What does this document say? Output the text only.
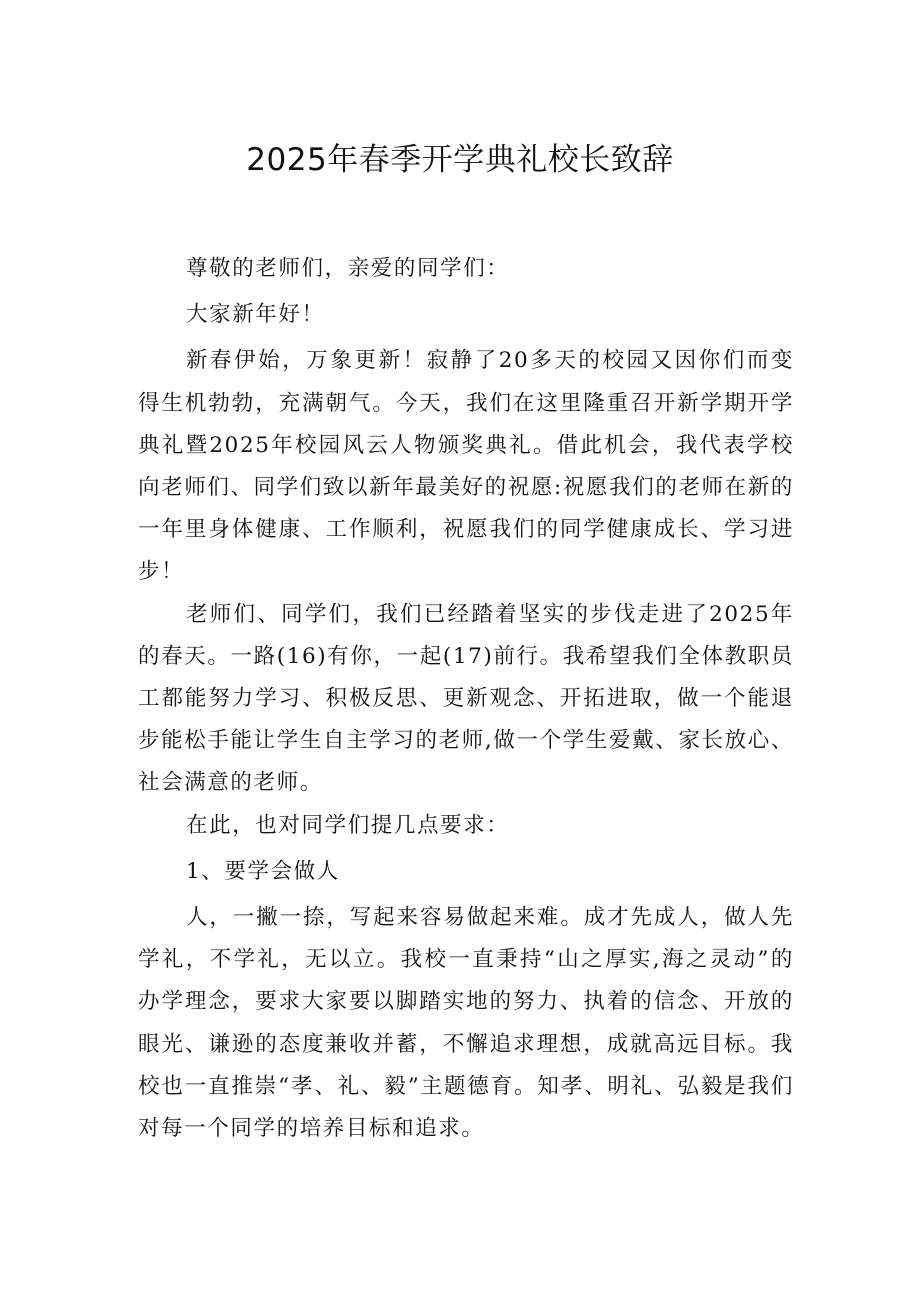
2025年春季开学典礼校长致辞

尊敬的老师们，亲爱的同学们：

大家新年好！

新春伊始，万象更新！寂静了20多天的校园又因你们而变得生机勃勃，充满朝气。今天，我们在这里隆重召开新学期开学典礼暨2025年校园风云人物颁奖典礼。借此机会，我代表学校向老师们、同学们致以新年最美好的祝愿:祝愿我们的老师在新的一年里身体健康、工作顺利，祝愿我们的同学健康成长、学习进步！

老师们、同学们，我们已经踏着坚实的步伐走进了2025年的春天。一路(16)有你，一起(17)前行。我希望我们全体教职员工都能努力学习、积极反思、更新观念、开拓进取，做一个能退步能松手能让学生自主学习的老师,做一个学生爱戴、家长放心、社会满意的老师。

在此，也对同学们提几点要求：

1、要学会做人

人，一撇一捺，写起来容易做起来难。成才先成人，做人先学礼，不学礼，无以立。我校一直秉持“山之厚实,海之灵动”的办学理念，要求大家要以脚踏实地的努力、执着的信念、开放的眼光、谦逊的态度兼收并蓄，不懈追求理想，成就高远目标。我校也一直推崇“孝、礼、毅”主题德育。知孝、明礼、弘毅是我们对每一个同学的培养目标和追求。
